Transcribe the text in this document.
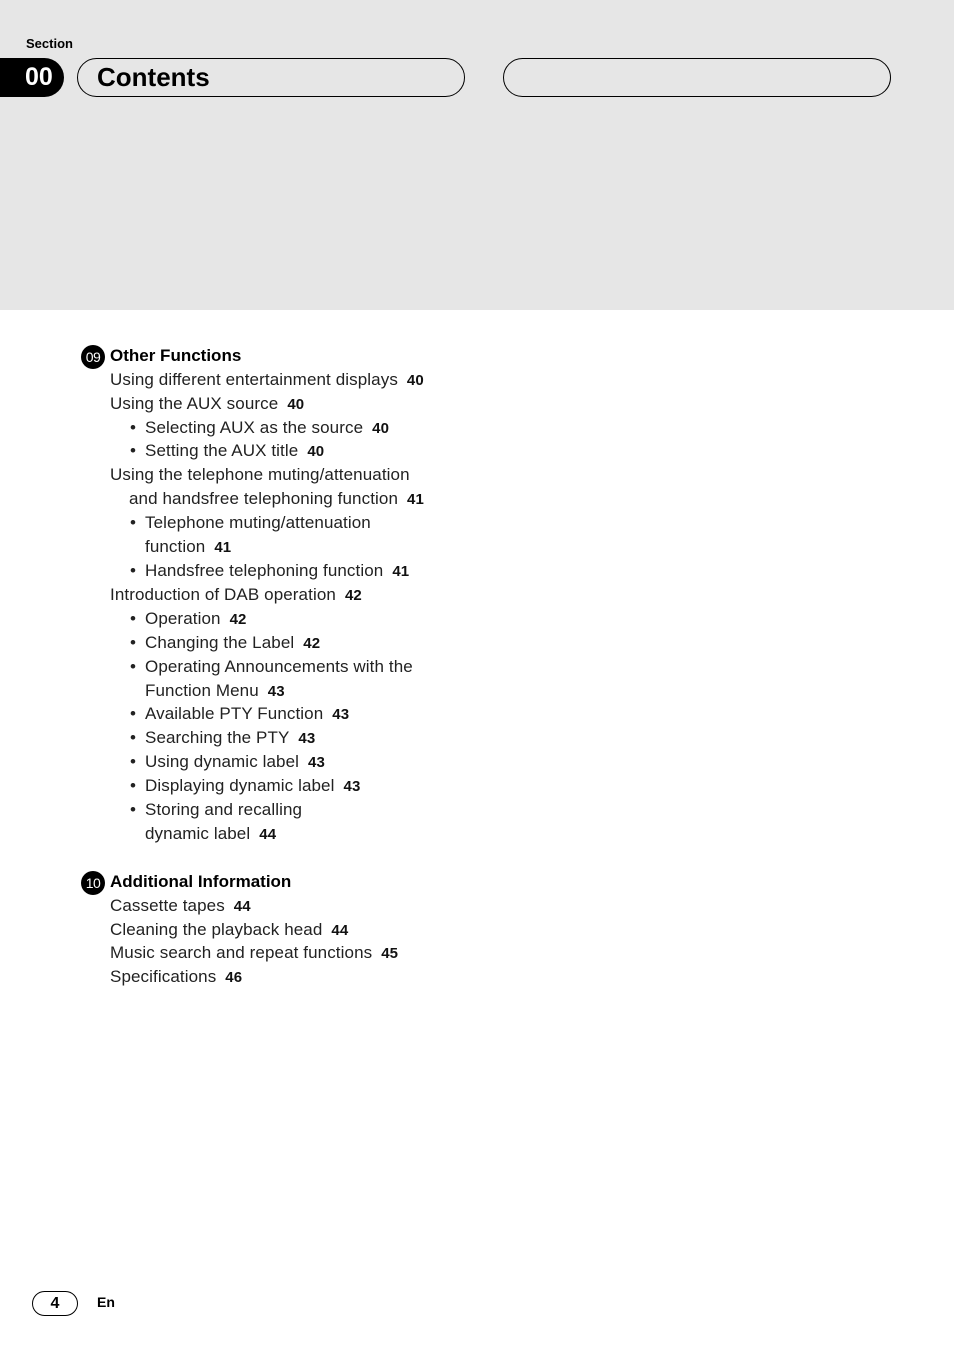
Section
00	Contents
09 Other Functions
Using different entertainment displays 40
Using the AUX source 40
• Selecting AUX as the source 40
• Setting the AUX title 40
Using the telephone muting/attenuation
and handsfree telephoning function 41
• Telephone muting/attenuation
function 41
• Handsfree telephoning function 41
Introduction of DAB operation 42
• Operation 42
• Changing the Label 42
• Operating Announcements with the
Function Menu 43
• Available PTY Function 43
• Searching the PTY 43
• Using dynamic label 43
• Displaying dynamic label 43
• Storing and recalling
dynamic label 44
10 Additional Information
Cassette tapes 44
Cleaning the playback head 44
Music search and repeat functions 45
Specifications 46
4	En
